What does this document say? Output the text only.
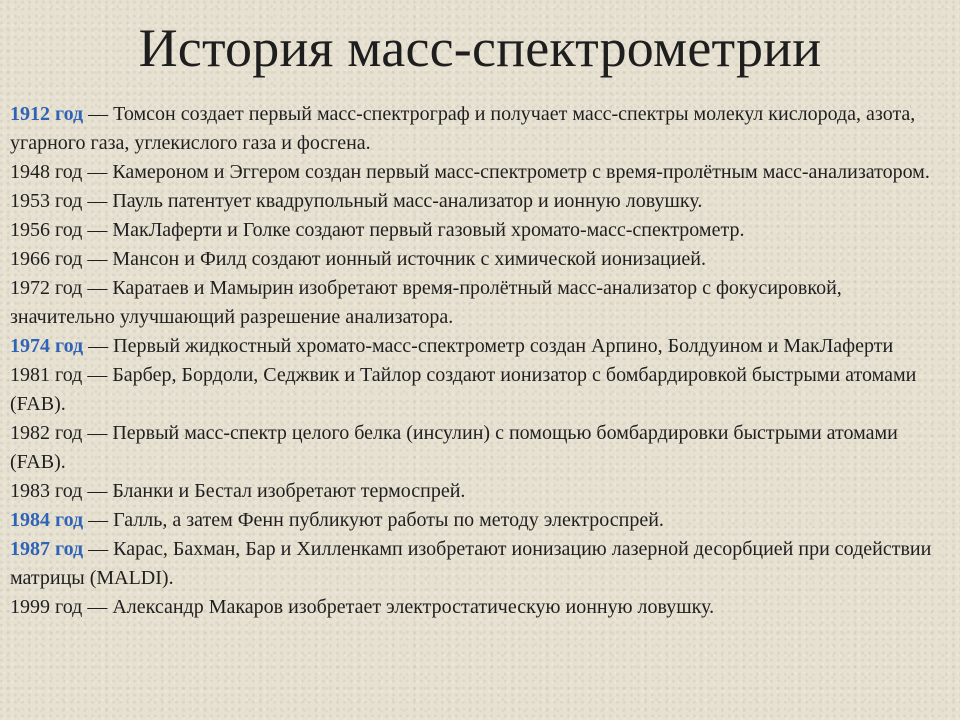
История масс-спектрометрии
1912 год — Томсон создает первый масс-спектрограф и получает масс-спектры молекул кислорода, азота, угарного газа, углекислого газа и фосгена.
1948 год — Камероном и Эггером создан первый масс-спектрометр с время-пролётным масс-анализатором.
1953 год — Пауль патентует квадрупольный масс-анализатор и ионную ловушку.
1956 год — МакЛаферти и Голке создают первый газовый хромато-масс-спектрометр.
1966 год — Мансон и Филд создают ионный источник с химической ионизацией.
1972 год — Каратаев и Мамырин изобретают время-пролётный масс-анализатор с фокусировкой, значительно улучшающий разрешение анализатора.
1974 год — Первый жидкостный хромато-масс-спектрометр создан Арпино, Болдуином и МакЛаферти
1981 год — Барбер, Бордоли, Седжвик и Тайлор создают ионизатор с бомбардировкой быстрыми атомами (FAB).
1982 год — Первый масс-спектр целого белка (инсулин) с помощью бомбардировки быстрыми атомами (FAB).
1983 год — Бланки и Бестал изобретают термоспрей.
1984 год — Галль, а затем Фенн публикуют работы по методу электроспрей.
1987 год — Карас, Бахман, Бар и Хилленкамп изобретают ионизацию лазерной десорбцией при содействии матрицы (MALDI).
1999 год — Александр Макаров изобретает электростатическую ионную ловушку.
